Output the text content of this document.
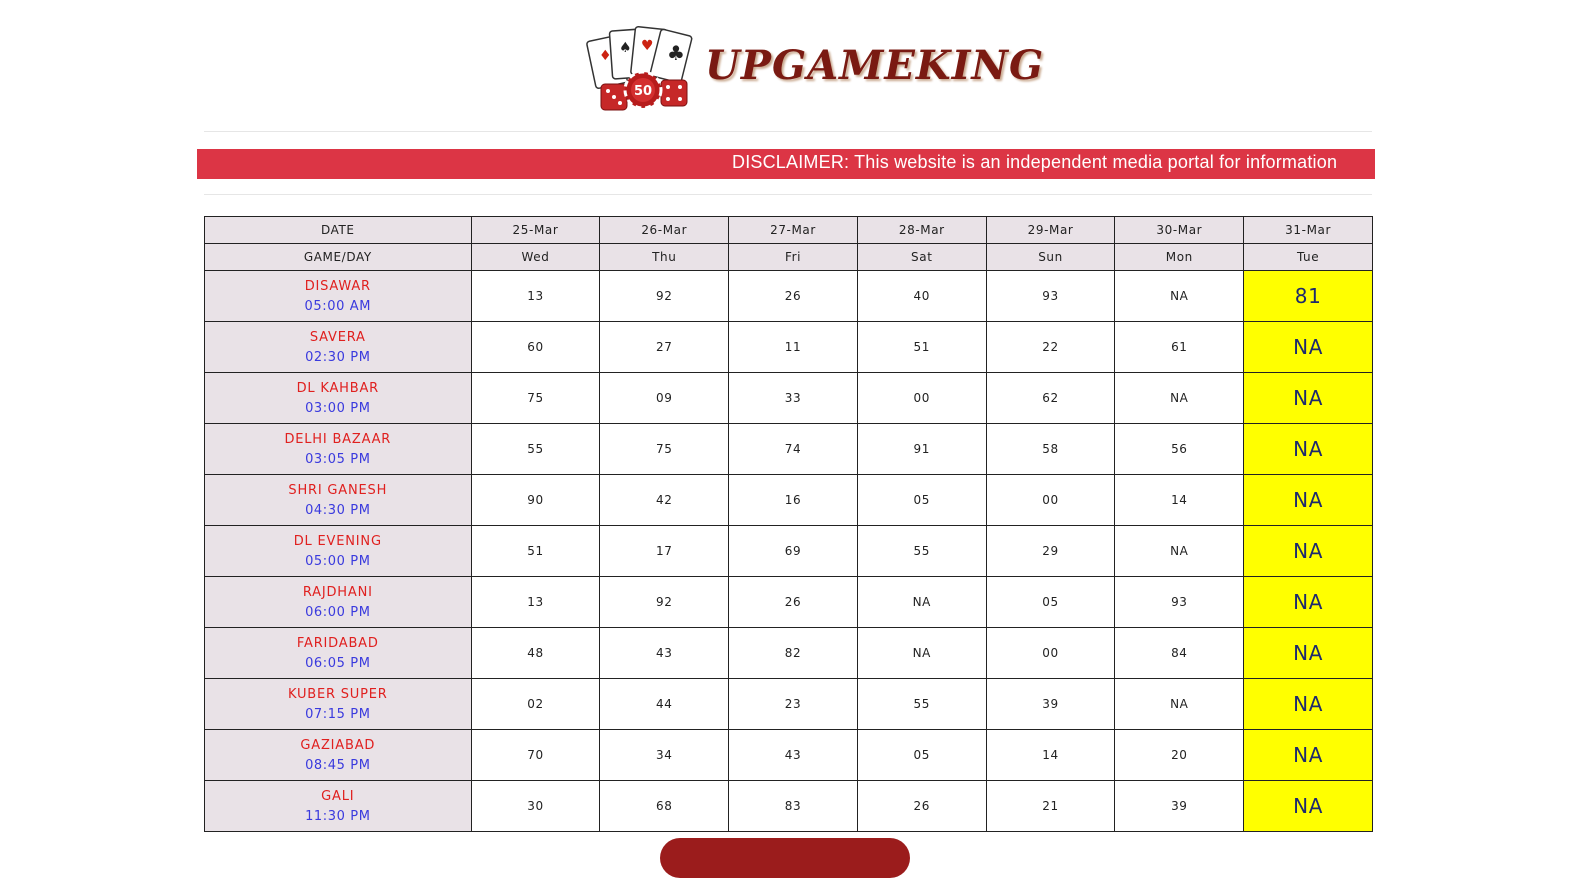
♦ ♠ ♥ ♣
50
UPGAMEKING
DISCLAIMER: This website is an independent media portal for information
DATE	25-Mar	26-Mar	27-Mar	28-Mar	29-Mar	30-Mar	31-Mar
GAME/DAY	Wed	Thu	Fri	Sat	Sun	Mon	Tue

DISAWAR
05:00 AM	13	92	26	40	93	NA	81

SAVERA
02:30 PM	60	27	11	51	22	61	NA

DL KAHBAR
03:00 PM	75	09	33	00	62	NA	NA

DELHI BAZAAR
03:05 PM	55	75	74	91	58	56	NA

SHRI GANESH
04:30 PM	90	42	16	05	00	14	NA

DL EVENING
05:00 PM	51	17	69	55	29	NA	NA

RAJDHANI
06:00 PM	13	92	26	NA	05	93	NA

FARIDABAD
06:05 PM	48	43	82	NA	00	84	NA

KUBER SUPER
07:15 PM	02	44	23	55	39	NA	NA

GAZIABAD
08:45 PM	70	34	43	05	14	20	NA

GALI
11:30 PM	30	68	83	26	21	39	NA
